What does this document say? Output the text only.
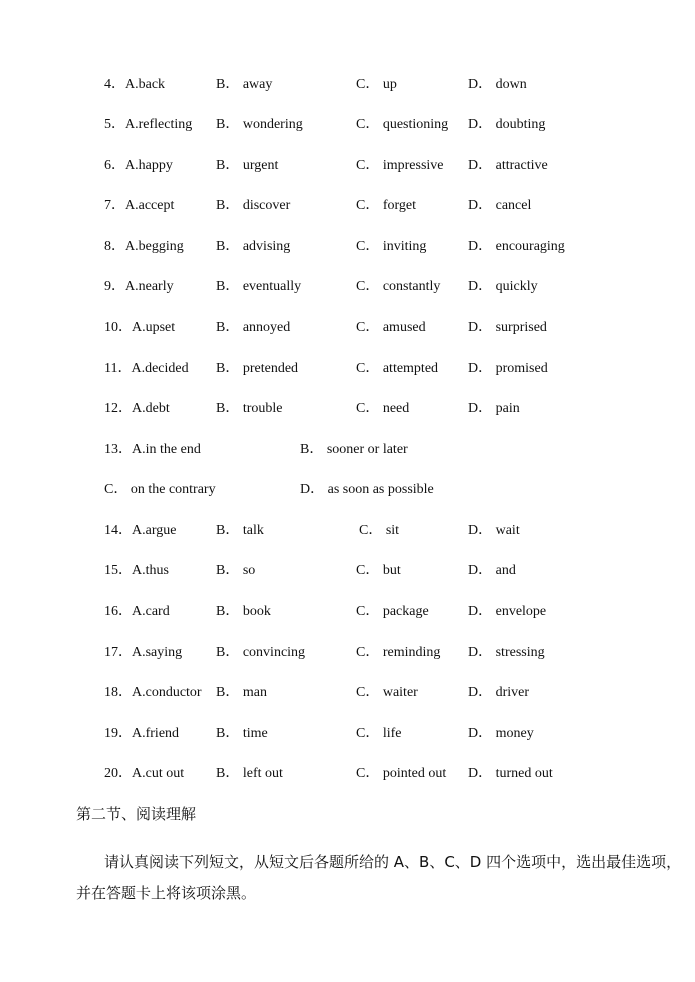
4．A.back	B． away	C． up	D． down
5．A.reflecting B． wondering	C． questioning D． doubting
6．A.happy	B． urgent	C． impressive D． attractive
7．A.accept	B． discover	C． forget	D． cancel
8．A.begging B． advising	C． inviting	D． encouraging
9．A.nearly	B． eventually	C． constantly D． quickly
10．A.upset	B． annoyed	C． amused	D． surprised
11．A.decided B． pretended	C． attempted D． promised
12．A.debt	B． trouble	C． need	D． pain
13．A.in the end	B． sooner or later
C． on the contrary	D． as soon as possible
14．A.argue	B． talk	C． sit	D． wait
15．A.thus	B． so	C． but	D． and
16．A.card	B． book	C． package	D． envelope
17．A.saying B． convincing	C． reminding D． stressing
18．A.conductor B． man	C． waiter	D． driver
19．A.friend	B． time	C． life	D． money
20．A.cut out B． left out	C． pointed out D． turned out
第二节、阅读理解
请认真阅读下列短文，从短文后各题所给的 A、B、C、D 四个选项中，选出最佳选项，
并在答题卡上将该项涂黑。
